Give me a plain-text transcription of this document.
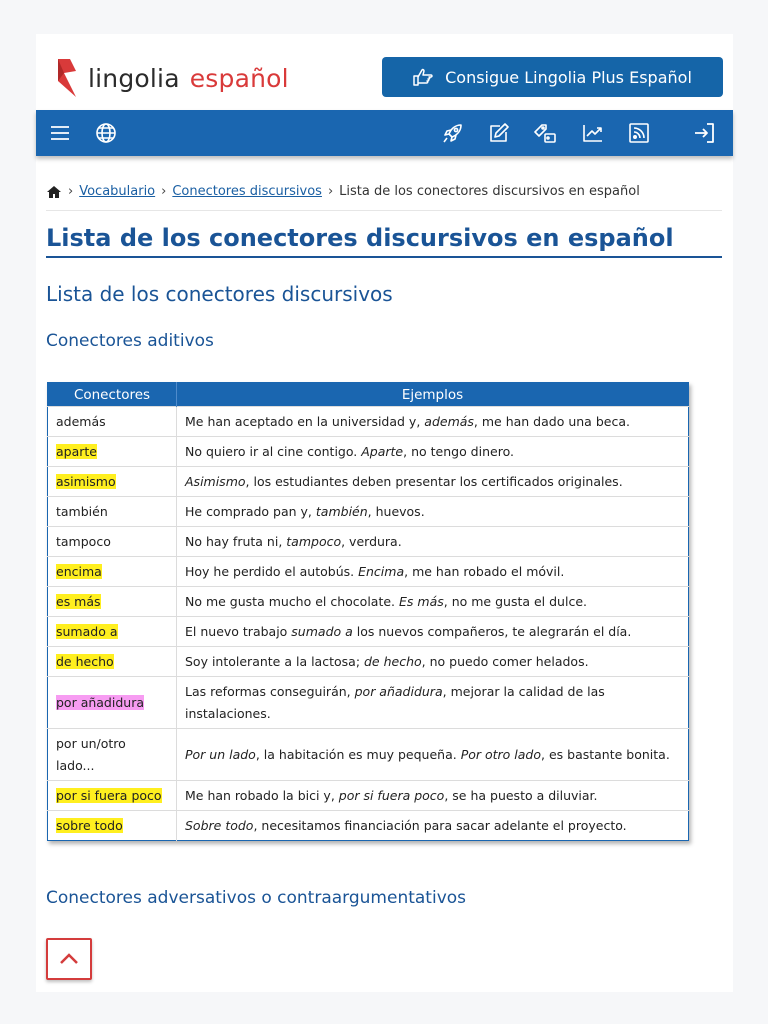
lingolia español	Consigue Lingolia Plus Español
› Vocabulario › Conectores discursivos › Lista de los conectores discursivos en español
Lista de los conectores discursivos en español
Lista de los conectores discursivos
Conectores aditivos
Conectores	Ejemplos
además	Me han aceptado en la universidad y, además, me han dado una beca.
aparte	No quiero ir al cine contigo. Aparte, no tengo dinero.
asimismo	Asimismo, los estudiantes deben presentar los certificados originales.
también	He comprado pan y, también, huevos.
tampoco	No hay fruta ni, tampoco, verdura.
encima	Hoy he perdido el autobús. Encima, me han robado el móvil.
es más	No me gusta mucho el chocolate. Es más, no me gusta el dulce.
sumado a	El nuevo trabajo sumado a los nuevos compañeros, te alegrarán el día.
de hecho	Soy intolerante a la lactosa; de hecho, no puedo comer helados.
por añadidura	Las reformas conseguirán, por añadidura, mejorar la calidad de las instalaciones.
por un/otro lado...	Por un lado, la habitación es muy pequeña. Por otro lado, es bastante bonita.
por si fuera poco	Me han robado la bici y, por si fuera poco, se ha puesto a diluviar.
sobre todo	Sobre todo, necesitamos financiación para sacar adelante el proyecto.
Conectores adversativos o contraargumentativos
